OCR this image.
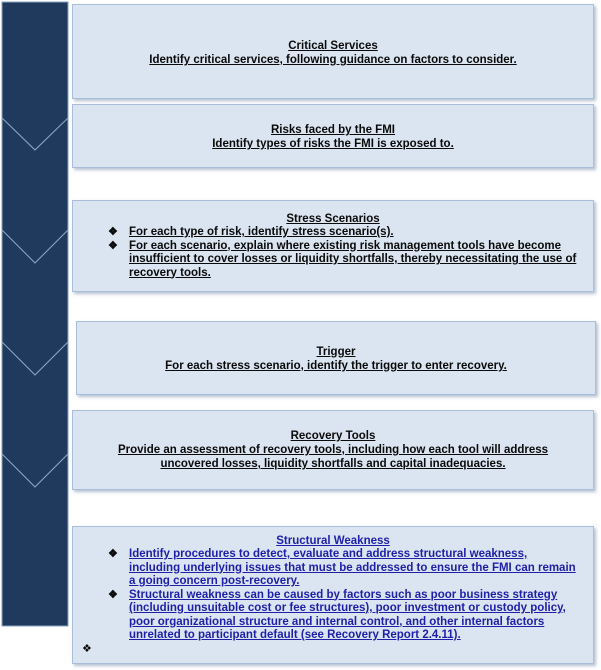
Critical Services
Identify critical services, following guidance on factors to consider.
Risks faced by the FMI
Identify types of risks the FMI is exposed to.
Stress Scenarios
❖ For each type of risk, identify stress scenario(s).
❖ For each scenario, explain where existing risk management tools have become insufficient to cover losses or liquidity shortfalls, thereby necessitating the use of recovery tools.
Trigger
For each stress scenario, identify the trigger to enter recovery.
Recovery Tools
Provide an assessment of recovery tools, including how each tool will address uncovered losses, liquidity shortfalls and capital inadequacies.
Structural Weakness
❖ Identify procedures to detect, evaluate and address structural weakness, including underlying issues that must be addressed to ensure the FMI can remain a going concern post-recovery.
❖ Structural weakness can be caused by factors such as poor business strategy (including unsuitable cost or fee structures), poor investment or custody policy, poor organizational structure and internal control, and other internal factors unrelated to participant default (see Recovery Report 2.4.11).
❖
